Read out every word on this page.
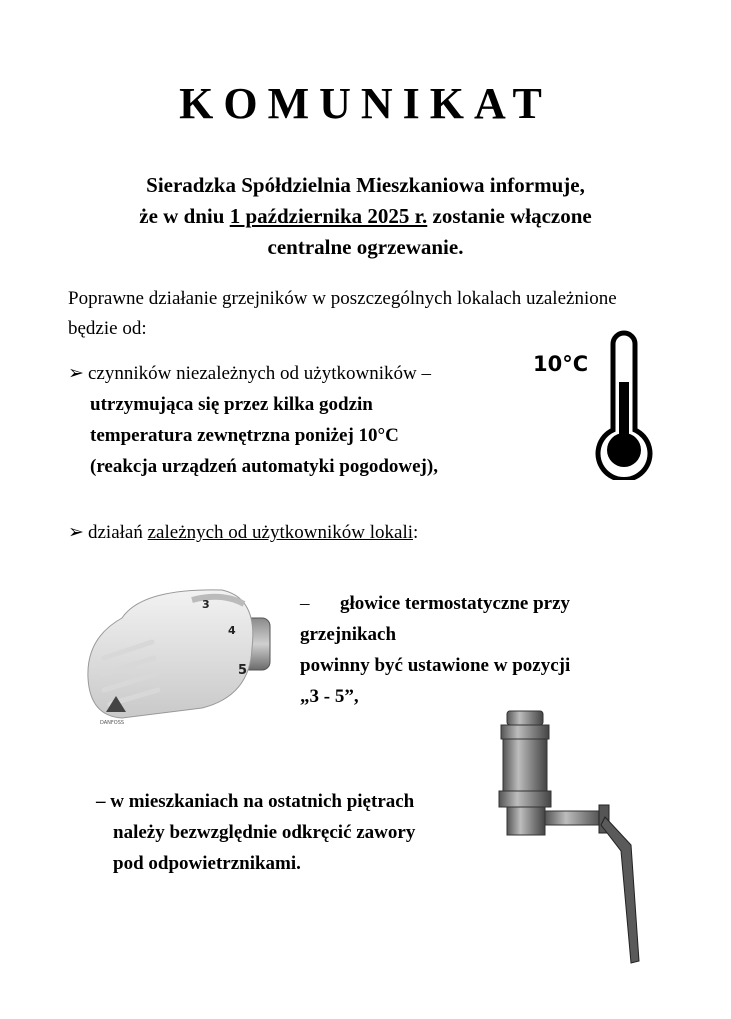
KOMUNIKAT
Sieradzka Spółdzielnia Mieszkaniowa informuje,
że w dniu 1 października 2025 r. zostanie włączone
centralne ogrzewanie.
Poprawne działanie grzejników w poszczególnych lokalach uzależnione będzie od:
➢ czynników niezależnych od użytkowników –
utrzymująca się przez kilka godzin
temperatura zewnętrzna poniżej 10°C
(reakcja urządzeń automatyki pogodowej),
10°C
➢ działań zależnych od użytkowników lokali:
3
4
5
DANFOSS
– głowice termostatyczne przy
grzejnikach
powinny być ustawione w pozycji
„3 - 5”,
– w mieszkaniach na ostatnich piętrach
należy bezwzględnie odkręcić zawory
pod odpowietrznikami.
